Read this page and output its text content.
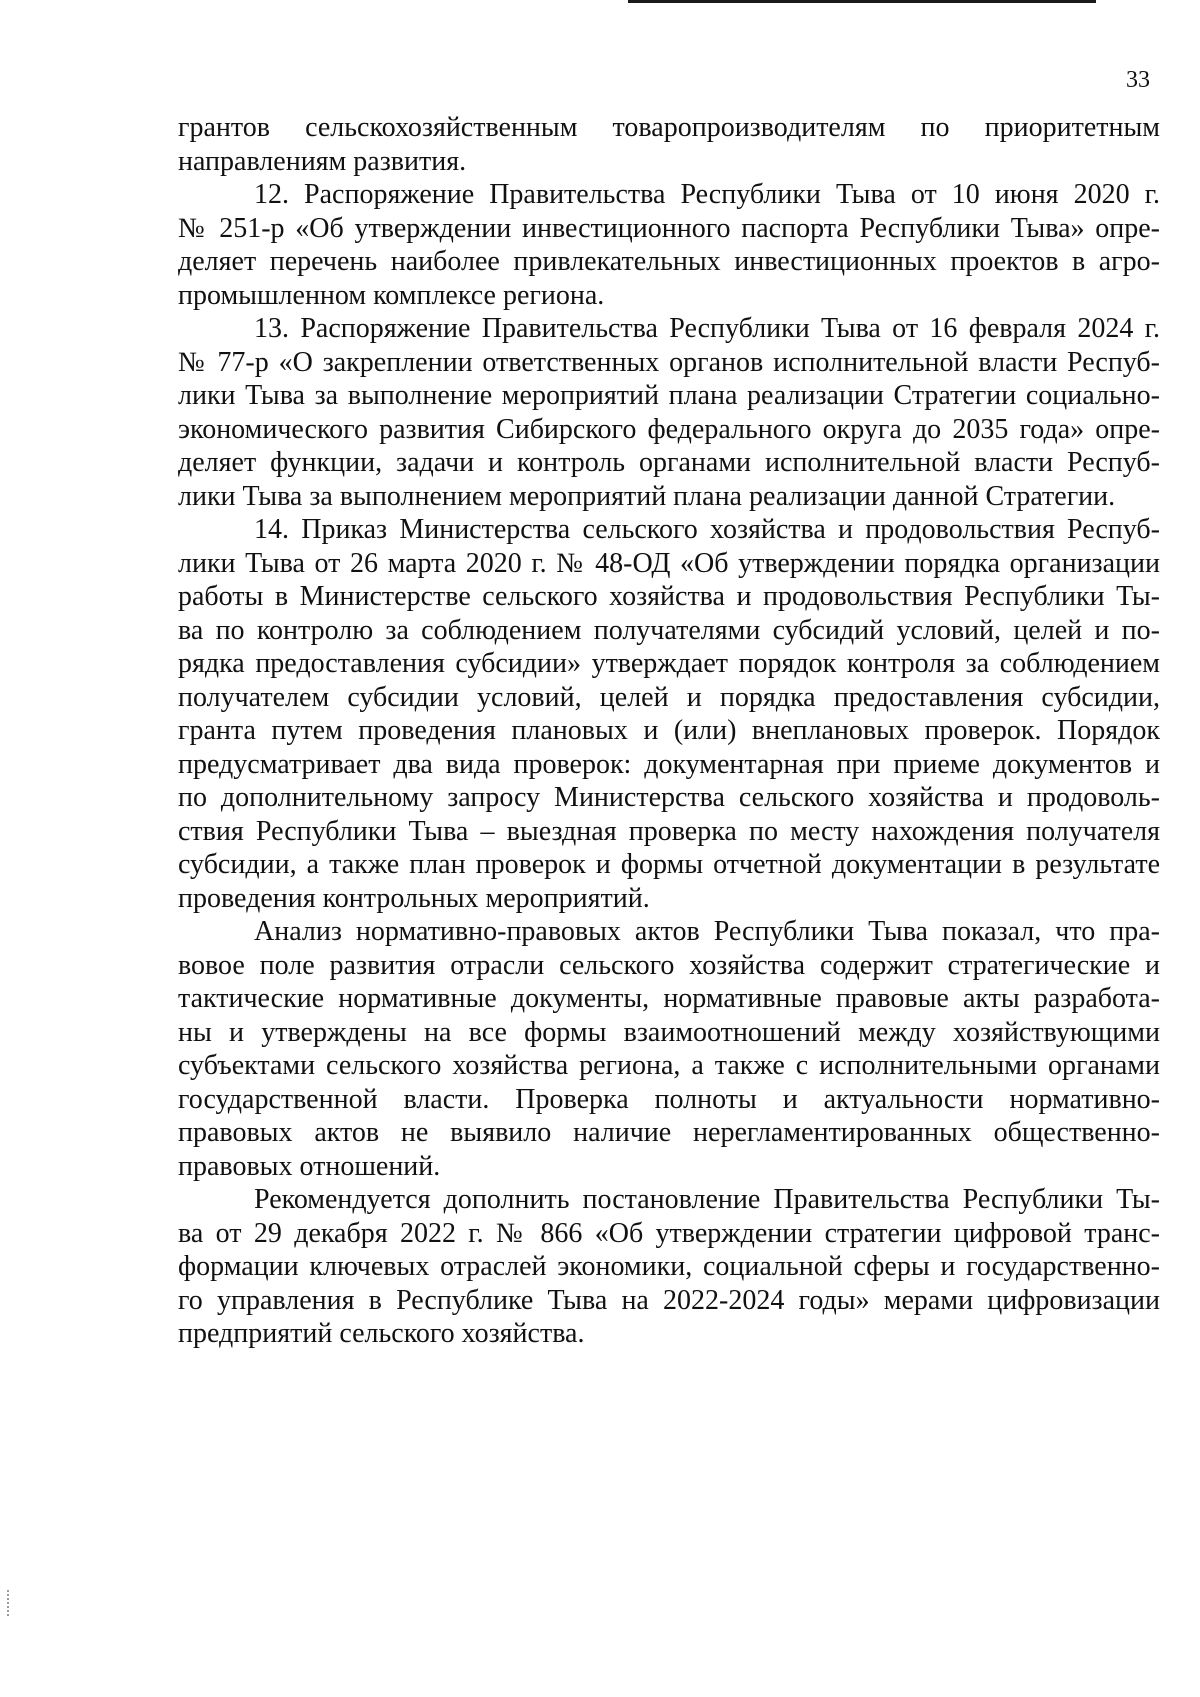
33
грантов сельскохозяйственным товаропроизводителям по приоритетным
направлениям развития.
12. Распоряжение Правительства Республики Тыва от 10 июня 2020 г.
№ 251-р «Об утверждении инвестиционного паспорта Республики Тыва» опре-
деляет перечень наиболее привлекательных инвестиционных проектов в агро-
промышленном комплексе региона.
13. Распоряжение Правительства Республики Тыва от 16 февраля 2024 г.
№ 77-р «О закреплении ответственных органов исполнительной власти Респуб-
лики Тыва за выполнение мероприятий плана реализации Стратегии социально-
экономического развития Сибирского федерального округа до 2035 года» опре-
деляет функции, задачи и контроль органами исполнительной власти Респуб-
лики Тыва за выполнением мероприятий плана реализации данной Стратегии.
14. Приказ Министерства сельского хозяйства и продовольствия Респуб-
лики Тыва от 26 марта 2020 г. № 48-ОД «Об утверждении порядка организации
работы в Министерстве сельского хозяйства и продовольствия Республики Ты-
ва по контролю за соблюдением получателями субсидий условий, целей и по-
рядка предоставления субсидии» утверждает порядок контроля за соблюдением
получателем субсидии условий, целей и порядка предоставления субсидии,
гранта путем проведения плановых и (или) внеплановых проверок. Порядок
предусматривает два вида проверок: документарная при приеме документов и
по дополнительному запросу Министерства сельского хозяйства и продоволь-
ствия Республики Тыва – выездная проверка по месту нахождения получателя
субсидии, а также план проверок и формы отчетной документации в результате
проведения контрольных мероприятий.
Анализ нормативно-правовых актов Республики Тыва показал, что пра-
вовое поле развития отрасли сельского хозяйства содержит стратегические и
тактические нормативные документы, нормативные правовые акты разработа-
ны и утверждены на все формы взаимоотношений между хозяйствующими
субъектами сельского хозяйства региона, а также с исполнительными органами
государственной власти. Проверка полноты и актуальности нормативно-
правовых актов не выявило наличие нерегламентированных общественно-
правовых отношений.
Рекомендуется дополнить постановление Правительства Республики Ты-
ва от 29 декабря 2022 г. № 866 «Об утверждении стратегии цифровой транс-
формации ключевых отраслей экономики, социальной сферы и государственно-
го управления в Республике Тыва на 2022-2024 годы» мерами цифровизации
предприятий сельского хозяйства.
